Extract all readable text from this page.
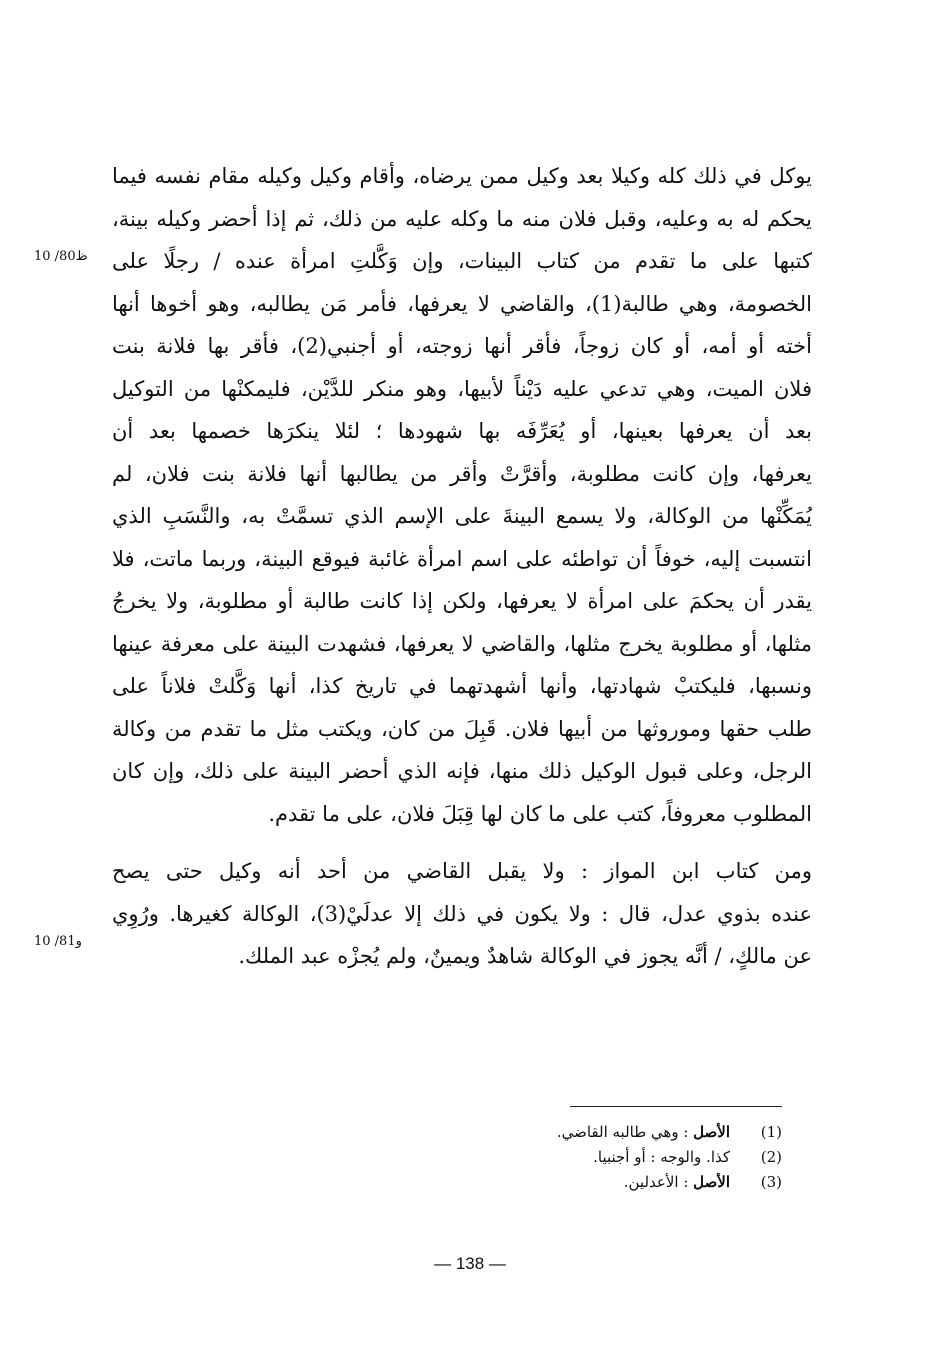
يوكل في ذلك كله وكيلا بعد وكيل ممن يرضاه، وأقام وكيل وكيله مقام نفسه فيما
يحكم له به وعليه، وقبل فلان منه ما وكله عليه من ذلك، ثم إذا أحضر وكيله بينة،
كتبها على ما تقدم من كتاب البينات، وإن وَكَّلتِ امرأة عنده / رجلًا على
الخصومة، وهي طالبة(1)، والقاضي لا يعرفها، فأمر مَن يطالبه، وهو أخوها أنها
أخته أو أمه، أو كان زوجاً، فأقر أنها زوجته، أو أجنبي(2)، فأقر بها فلانة بنت
فلان الميت، وهي تدعي عليه دَيْناً لأبيها، وهو منكر للدَّيْن، فليمكنْها من التوكيل
بعد أن يعرفها بعينها، أو يُعَرِّفَه بها شهودها ؛ لئلا ينكرَها خصمها بعد أن
يعرفها، وإن كانت مطلوبة، وأقرَّتْ وأقر من يطالبها أنها فلانة بنت فلان، لم
يُمَكِّنْها من الوكالة، ولا يسمع البينةَ على الإسم الذي تسمَّتْ به، والنَّسَبِ الذي
انتسبت إليه، خوفاً أن تواطئه على اسم امرأة غائبة فيوقع البينة، وربما ماتت، فلا
يقدر أن يحكمَ على امرأة لا يعرفها، ولكن إذا كانت طالبة أو مطلوبة، ولا يخرجُ
مثلها، أو مطلوبة يخرج مثلها، والقاضي لا يعرفها، فشهدت البينة على معرفة عينها
ونسبها، فليكتبْ شهادتها، وأنها أشهدتهما في تاريخ كذا، أنها وَكَّلتْ فلاناً على
طلب حقها وموروثها من أبيها فلان. قَبِلَ من كان، ويكتب مثل ما تقدم من وكالة
الرجل، وعلى قبول الوكيل ذلك منها، فإنه الذي أحضر البينة على ذلك، وإن كان
المطلوب معروفاً، كتب على ما كان لها قِبَلَ فلان، على ما تقدم.
ومن كتاب ابن المواز : ولا يقبل القاضي من أحد أنه وكيل حتى يصح
عنده بذوي عدل، قال : ولا يكون في ذلك إلا عدلَيْ(3)، الوكالة كغيرها. ورُوِي
عن مالكٍ، / أنَّه يجوز في الوكالة شاهدٌ ويمينٌ، ولم يُجزْه عبد الملك.
10 /80ظ
10 /81و
(1)الأصل : وهي طالبه القاضي.
(2)كذا. والوجه : أو أجنبيا.
(3)الأصل : الأعدلين.
— 138 —
